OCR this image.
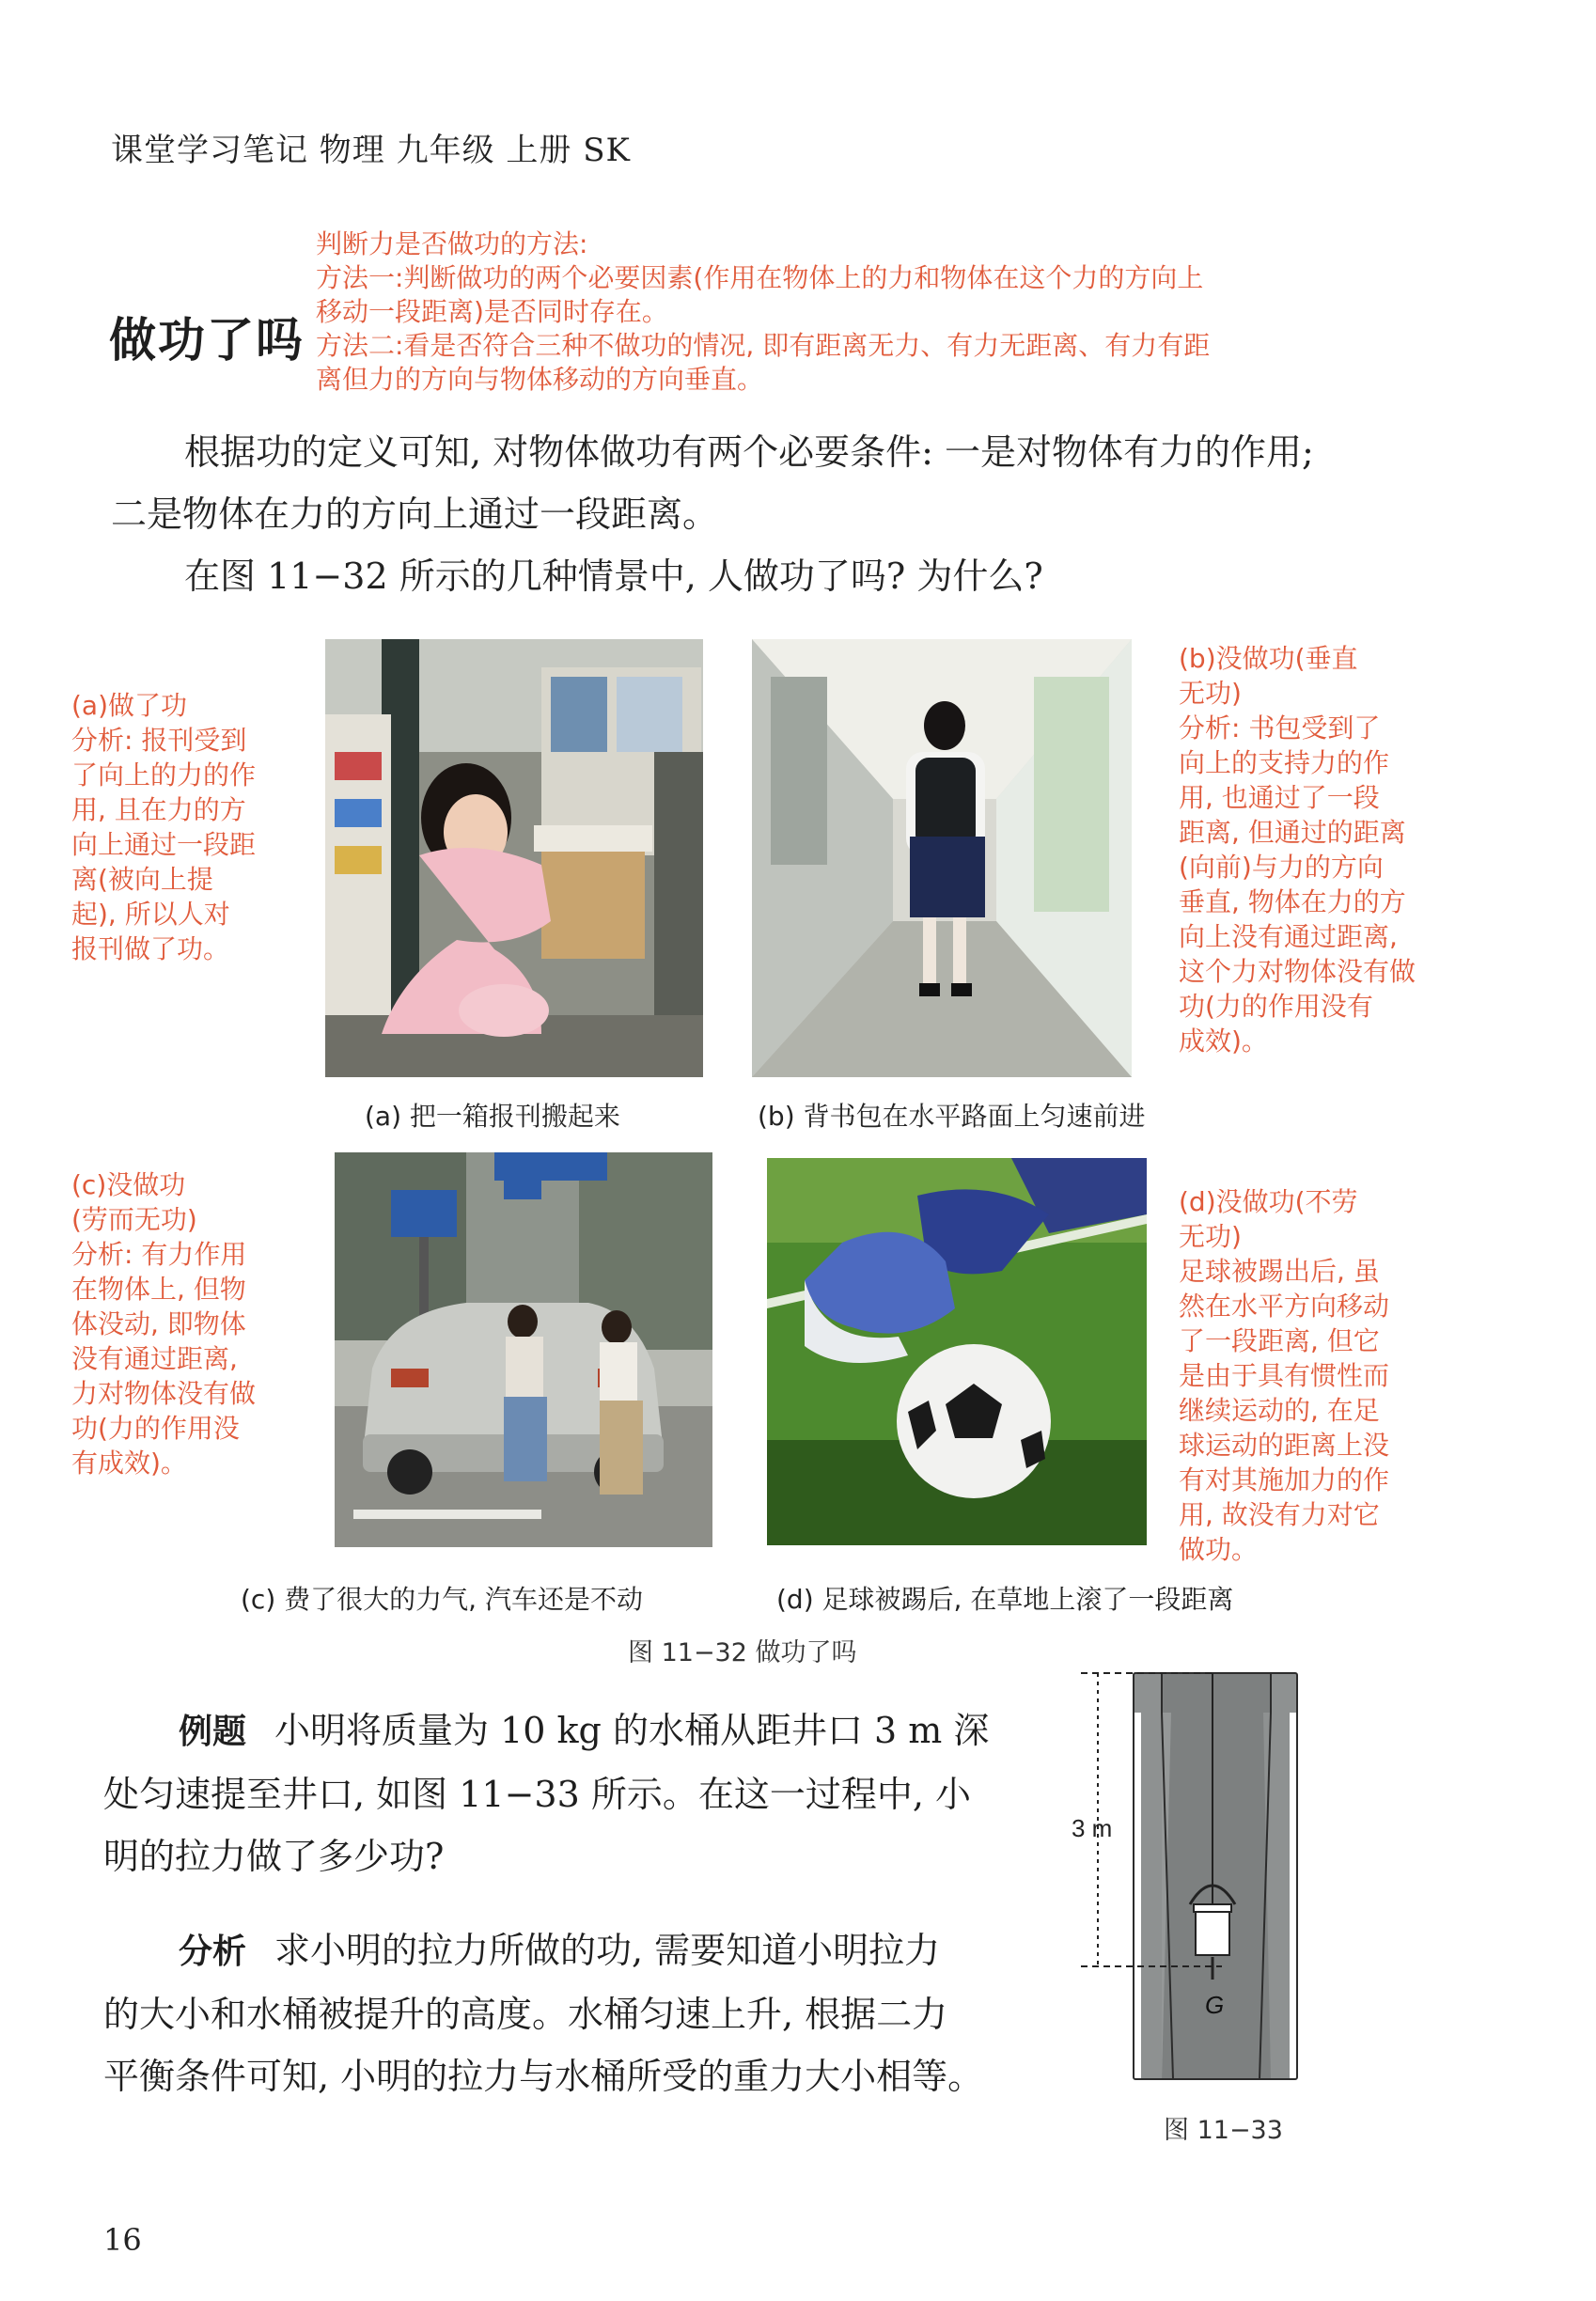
课堂学习笔记 物理 九年级 上册 SK
做功了吗
判断力是否做功的方法:
方法一:判断做功的两个必要因素(作用在物体上的力和物体在这个力的方向上
移动一段距离)是否同时存在。
方法二:看是否符合三种不做功的情况, 即有距离无力、有力无距离、有力有距
离但力的方向与物体移动的方向垂直。
根据功的定义可知, 对物体做功有两个必要条件: 一是对物体有力的作用;
二是物体在力的方向上通过一段距离。
在图 11−32 所示的几种情景中, 人做功了吗? 为什么?
(a)做了功
分析: 报刊受到
了向上的力的作
用, 且在力的方
向上通过一段距
离(被向上提
起), 所以人对
报刊做了功。
(b)没做功(垂直
无功)
分析: 书包受到了
向上的支持力的作
用, 也通过了一段
距离, 但通过的距离
(向前)与力的方向
垂直, 物体在力的方
向上没有通过距离,
这个力对物体没有做
功(力的作用没有
成效)。
(c)没做功
(劳而无功)
分析: 有力作用
在物体上, 但物
体没动, 即物体
没有通过距离,
力对物体没有做
功(力的作用没
有成效)。
(d)没做功(不劳
无功)
足球被踢出后, 虽
然在水平方向移动
了一段距离, 但它
是由于具有惯性而
继续运动的, 在足
球运动的距离上没
有对其施加力的作
用, 故没有力对它
做功。
(a) 把一箱报刊搬起来	(b) 背书包在水平路面上匀速前进
(c) 费了很大的力气, 汽车还是不动	(d) 足球被踢后, 在草地上滚了一段距离
图 11−32 做功了吗
例题 小明将质量为 10 kg 的水桶从距井口 3 m 深
处匀速提至井口, 如图 11−33 所示。在这一过程中, 小
明的拉力做了多少功?
分析 求小明的拉力所做的功, 需要知道小明拉力
的大小和水桶被提升的高度。水桶匀速上升, 根据二力
平衡条件可知, 小明的拉力与水桶所受的重力大小相等。
3 m
G
图 11−33
16
